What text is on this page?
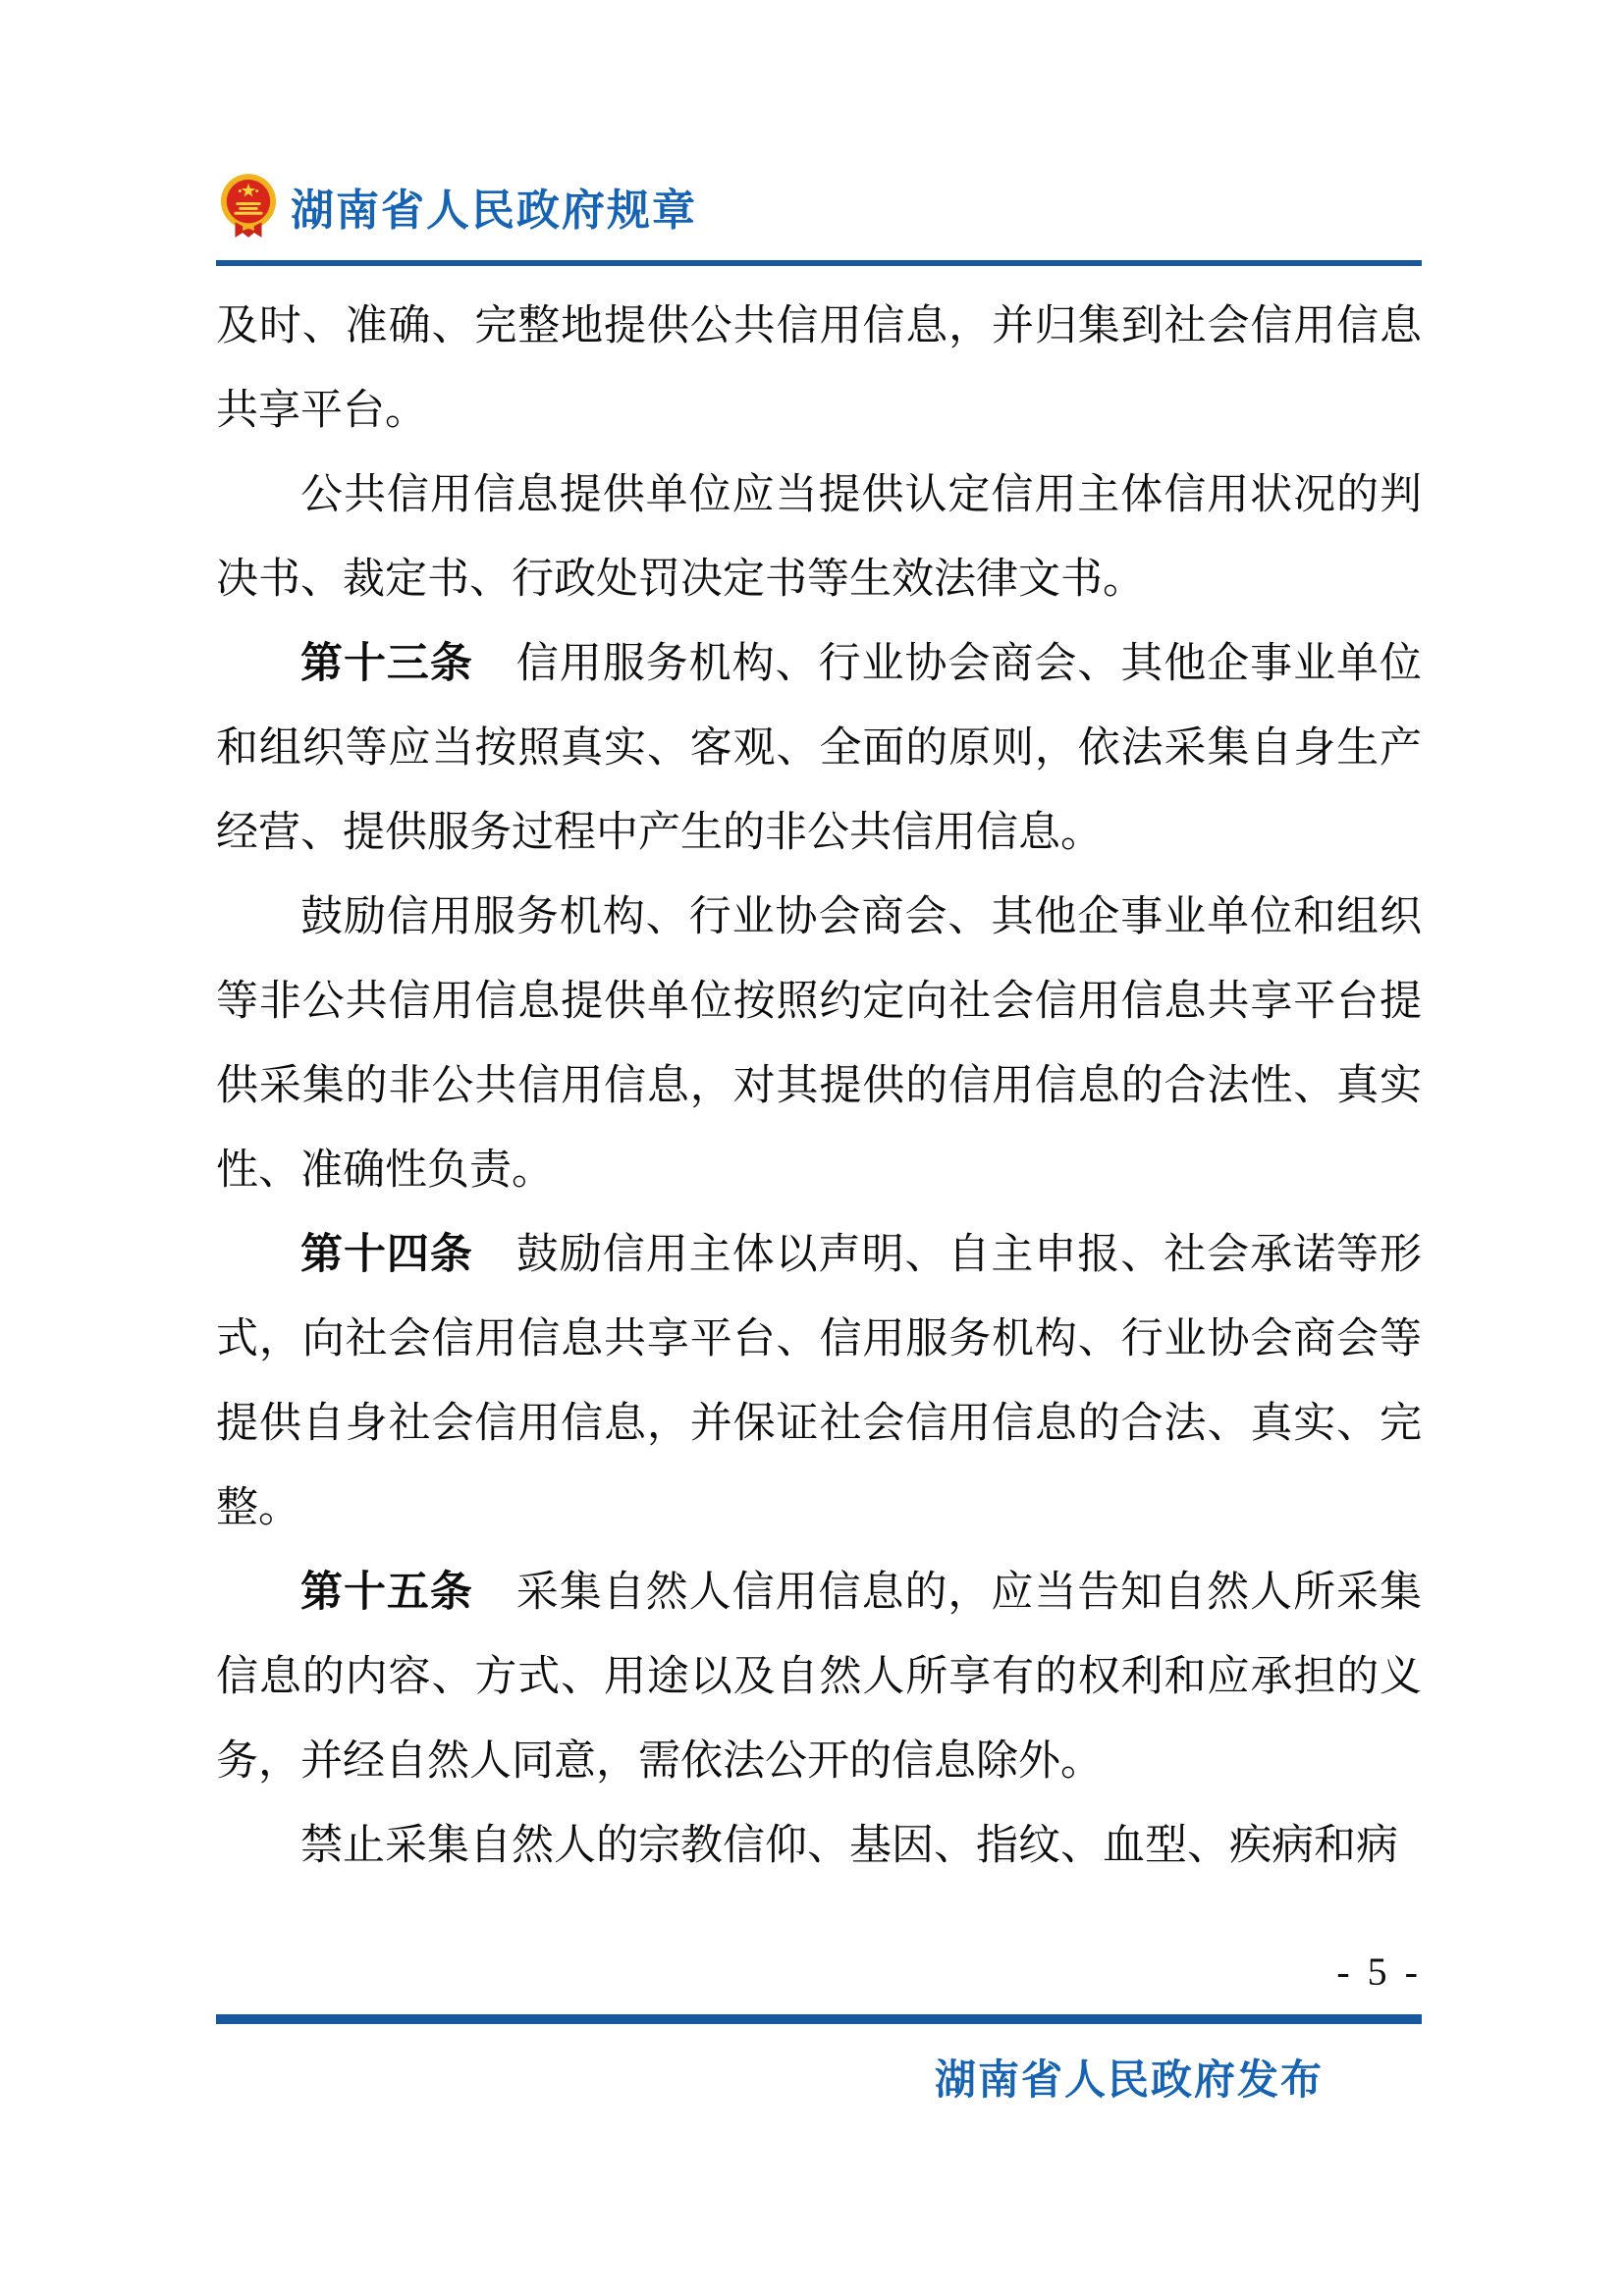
湖南省人民政府规章

及时、准确、完整地提供公共信用信息，并归集到社会信用信息共享平台。

公共信用信息提供单位应当提供认定信用主体信用状况的判决书、裁定书、行政处罚决定书等生效法律文书。

第十三条　信用服务机构、行业协会商会、其他企事业单位和组织等应当按照真实、客观、全面的原则，依法采集自身生产经营、提供服务过程中产生的非公共信用信息。

鼓励信用服务机构、行业协会商会、其他企事业单位和组织等非公共信用信息提供单位按照约定向社会信用信息共享平台提供采集的非公共信用信息，对其提供的信用信息的合法性、真实性、准确性负责。

第十四条　鼓励信用主体以声明、自主申报、社会承诺等形式，向社会信用信息共享平台、信用服务机构、行业协会商会等提供自身社会信用信息，并保证社会信用信息的合法、真实、完整。

第十五条　采集自然人信用信息的，应当告知自然人所采集信息的内容、方式、用途以及自然人所享有的权利和应承担的义务，并经自然人同意，需依法公开的信息除外。

禁止采集自然人的宗教信仰、基因、指纹、血型、疾病和病

- 5 -
湖南省人民政府发布
